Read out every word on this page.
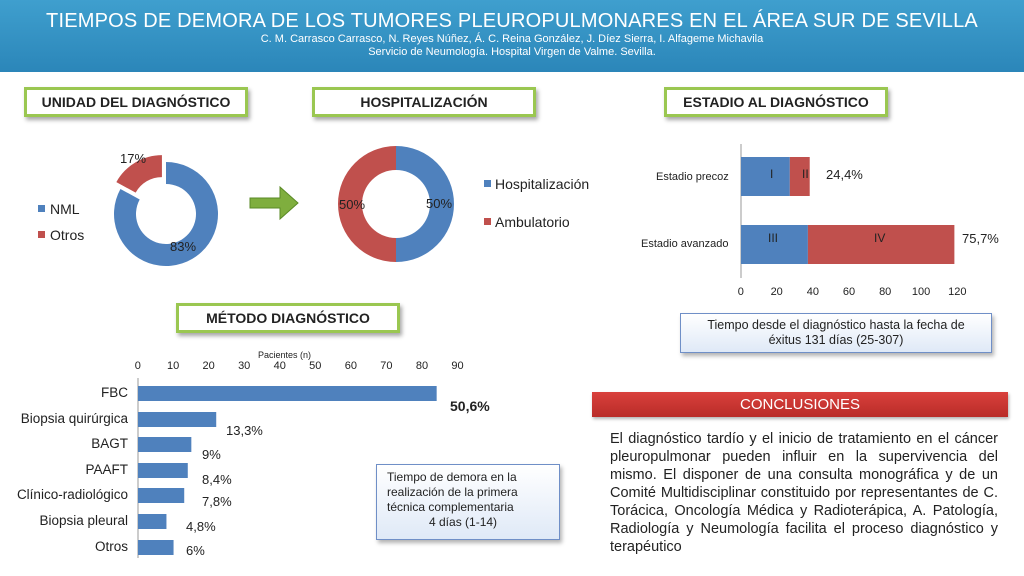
TIEMPOS DE DEMORA DE LOS TUMORES PLEUROPULMONARES EN EL ÁREA SUR DE SEVILLA
C. M. Carrasco Carrasco, N. Reyes Núñez, Á. C. Reina González, J. Díez Sierra, I. Alfageme Michavila
Servicio de Neumología. Hospital Virgen de Valme. Sevilla.
UNIDAD DEL DIAGNÓSTICO	HOSPITALIZACIÓN	ESTADIO AL DIAGNÓSTICO
MÉTODO DIAGNÓSTICO
17%
83%
NML
Otros
50%	50%
Hospitalización
Ambulatorio
Estadio precoz
Estadio avanzado
I II
III	IV
24,4%
75,7%
0 20 40 60 80 100 120
Pacientes (n)
0 10 20 30 40 50 60 70 80 90
FBC
Biopsia quirúrgica
BAGT
PAAFT
Clínico-radiológico
Biopsia pleural
Otros
50,6%
13,3%
9%
8,4%
7,8%
4,8%
6%
Tiempo desde el diagnóstico hasta la fecha de
éxitus 131 días (25-307)
Tiempo de demora en la
realización de la primera
técnica complementaria
4 días (1-14)
CONCLUSIONES
El diagnóstico tardío y el inicio de tratamiento en el cáncer pleuropulmonar pueden influir en la supervivencia del mismo. El disponer de una consulta monográfica y de un Comité Multidisciplinar constituido por representantes de C. Torácica, Oncología Médica y Radioterápica, A. Patología, Radiología y Neumología facilita el proceso diagnóstico y terapéutico
